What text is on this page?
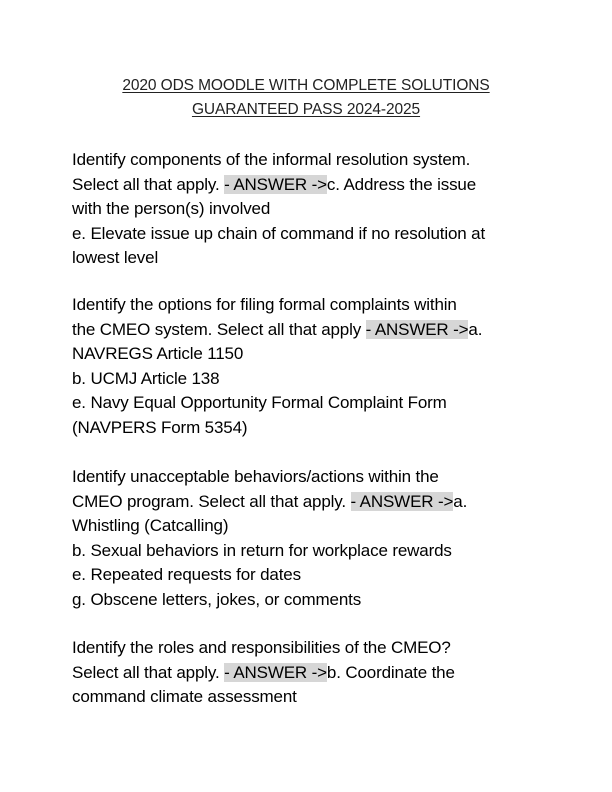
2020 ODS MOODLE WITH COMPLETE SOLUTIONS
GUARANTEED PASS 2024-2025
Identify components of the informal resolution system.
Select all that apply. - ANSWER ->c. Address the issue
with the person(s) involved
e. Elevate issue up chain of command if no resolution at
lowest level
Identify the options for filing formal complaints within
the CMEO system. Select all that apply - ANSWER ->a.
NAVREGS Article 1150
b. UCMJ Article 138
e. Navy Equal Opportunity Formal Complaint Form
(NAVPERS Form 5354)
Identify unacceptable behaviors/actions within the
CMEO program. Select all that apply. - ANSWER ->a.
Whistling (Catcalling)
b. Sexual behaviors in return for workplace rewards
e. Repeated requests for dates
g. Obscene letters, jokes, or comments
Identify the roles and responsibilities of the CMEO?
Select all that apply. - ANSWER ->b. Coordinate the
command climate assessment
